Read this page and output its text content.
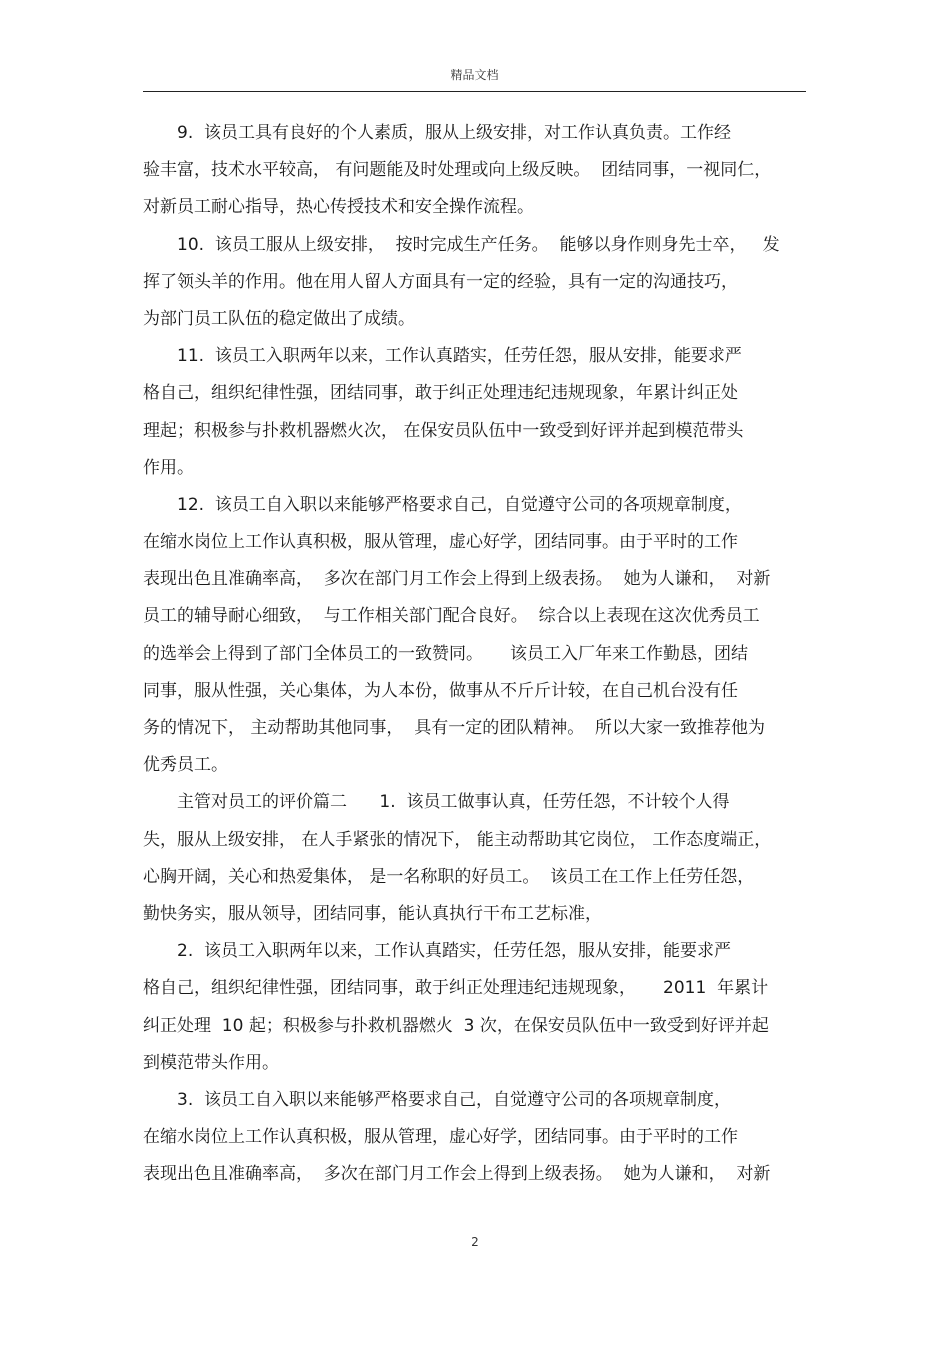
精品文档
9.  该员工具有良好的个人素质，服从上级安排，对工作认真负责。工作经
验丰富，技术水平较高， 有问题能及时处理或向上级反映。  团结同事，一视同仁，
对新员工耐心指导，热心传授技术和安全操作流程。
10.  该员工服从上级安排，  按时完成生产任务。  能够以身作则身先士卒，   发
挥了领头羊的作用。他在用人留人方面具有一定的经验，具有一定的沟通技巧，
为部门员工队伍的稳定做出了成绩。
11.  该员工入职两年以来，工作认真踏实，任劳任怨，服从安排，能要求严
格自己，组织纪律性强，团结同事，敢于纠正处理违纪违规现象，年累计纠正处
理起；积极参与扑救机器燃火次， 在保安员队伍中一致受到好评并起到模范带头
作用。
12.  该员工自入职以来能够严格要求自己，自觉遵守公司的各项规章制度，
在缩水岗位上工作认真积极，服从管理，虚心好学，团结同事。由于平时的工作
表现出色且准确率高，  多次在部门月工作会上得到上级表扬。  她为人谦和，  对新
员工的辅导耐心细致，  与工作相关部门配合良好。  综合以上表现在这次优秀员工
的选举会上得到了部门全体员工的一致赞同。     该员工入厂年来工作勤恳，团结
同事，服从性强，关心集体，为人本份，做事从不斤斤计较，在自己机台没有任
务的情况下， 主动帮助其他同事，  具有一定的团队精神。  所以大家一致推荐他为
优秀员工。
主管对员工的评价篇二      1.  该员工做事认真，任劳任怨，不计较个人得
失，服从上级安排， 在人手紧张的情况下， 能主动帮助其它岗位， 工作态度端正，
心胸开阔，关心和热爱集体， 是一名称职的好员工。  该员工在工作上任劳任怨，
勤快务实，服从领导，团结同事，能认真执行干布工艺标准，
2.  该员工入职两年以来，工作认真踏实，任劳任怨，服从安排，能要求严
格自己，组织纪律性强，团结同事，敢于纠正处理违纪违规现象，     2011  年累计
纠正处理  10 起；积极参与扑救机器燃火  3 次，在保安员队伍中一致受到好评并起
到模范带头作用。
3.  该员工自入职以来能够严格要求自己，自觉遵守公司的各项规章制度，
在缩水岗位上工作认真积极，服从管理，虚心好学，团结同事。由于平时的工作
表现出色且准确率高，  多次在部门月工作会上得到上级表扬。  她为人谦和，  对新
2
